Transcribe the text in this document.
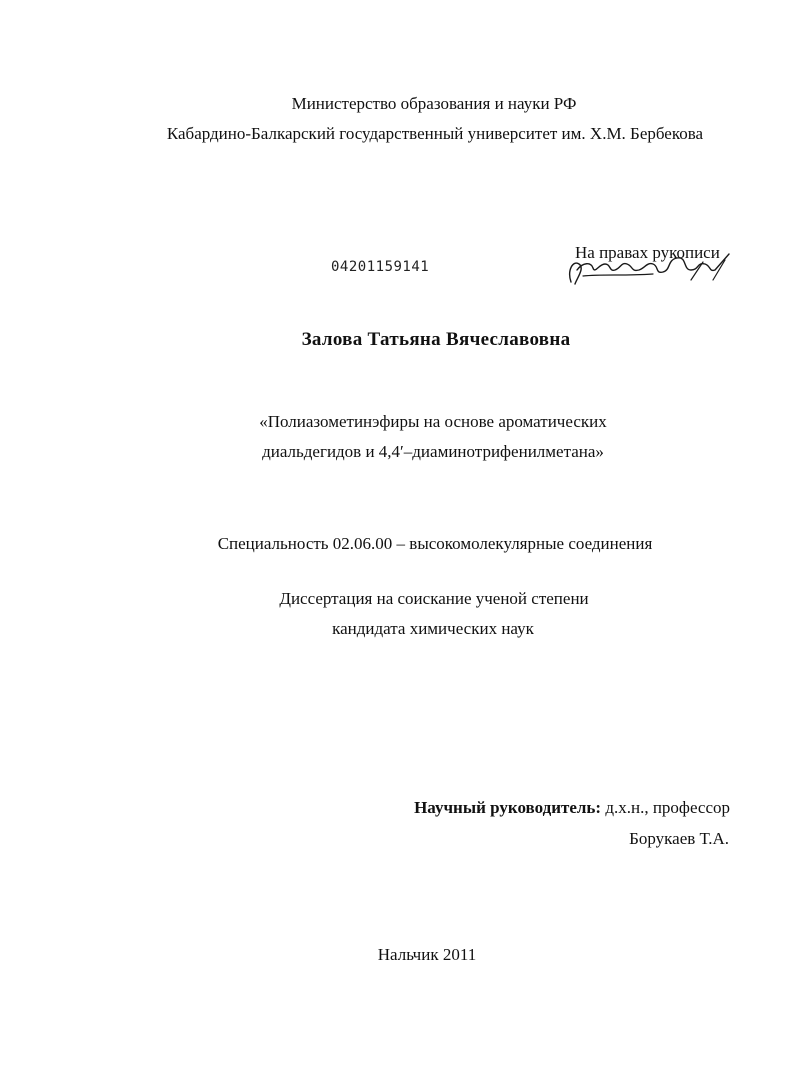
Министерство образования и науки РФ
Кабардино-Балкарский государственный университет им. Х.М. Бербекова
04201159141
На правах рукописи
Залова Татьяна Вячеславовна
«Полиазометинэфиры на основе ароматических
диальдегидов и 4,4′–диаминотрифенилметана»
Специальность 02.06.00 – высокомолекулярные соединения
Диссертация на соискание ученой степени
кандидата химических наук
Научный руководитель: д.х.н., профессор
Борукаев Т.А.
Нальчик 2011
